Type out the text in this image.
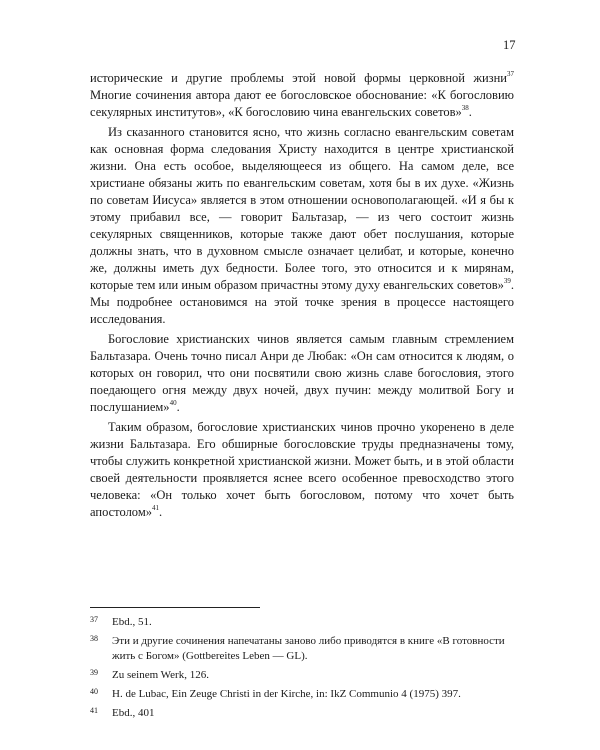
17

исторические и другие проблемы этой новой формы церковной жизни$^{37}$ Многие сочинения автора дают ее богословское обоснование: «К богословию секулярных институтов», «К богословию чина евангельских советов»$^{38}$.

Из сказанного становится ясно, что жизнь согласно евангельским советам как основная форма следования Христу находится в центре христианской жизни. Она есть особое, выделяющееся из общего. На самом деле, все христиане обязаны жить по евангельским советам, хотя бы в их духе. «Жизнь по советам Иисуса» является в этом отношении основополагающей. «И я бы к этому прибавил все, — говорит Бальтазар, — из чего состоит жизнь секулярных священников, которые также дают обет послушания, которые должны знать, что в духовном смысле означает целибат, и которые, конечно же, должны иметь дух бедности. Более того, это относится и к мирянам, которые тем или иным образом причастны этому духу евангельских советов»$^{39}$. Мы подробнее остановимся на этой точке зрения в процессе настоящего исследования.

Богословие христианских чинов является самым главным стремлением Бальтазара. Очень точно писал Анри де Любак: «Он сам относится к людям, о которых он говорил, что они посвятили свою жизнь славе богословия, этого поедающего огня между двух ночей, двух пучин: между молитвой Богу и послушанием»$^{40}$.

Таким образом, богословие христианских чинов прочно укоренено в деле жизни Бальтазара. Его обширные богословские труды предназначены тому, чтобы служить конкретной христианской жизни. Может быть, и в этой области своей деятельности проявляется яснее всего особенное превосходство этого человека: «Он только хочет быть богословом, потому что хочет быть апостолом»$^{41}$.

37	Ebd., 51.
38	Эти и другие сочинения напечатаны заново либо приводятся в книге «В готовности жить с Богом» (Gottbereites Leben — GL).
39	Zu seinem Werk, 126.
40	H. de Lubac, Ein Zeuge Christi in der Kirche, in: IkZ Communio 4 (1975) 397.
41	Ebd., 401
